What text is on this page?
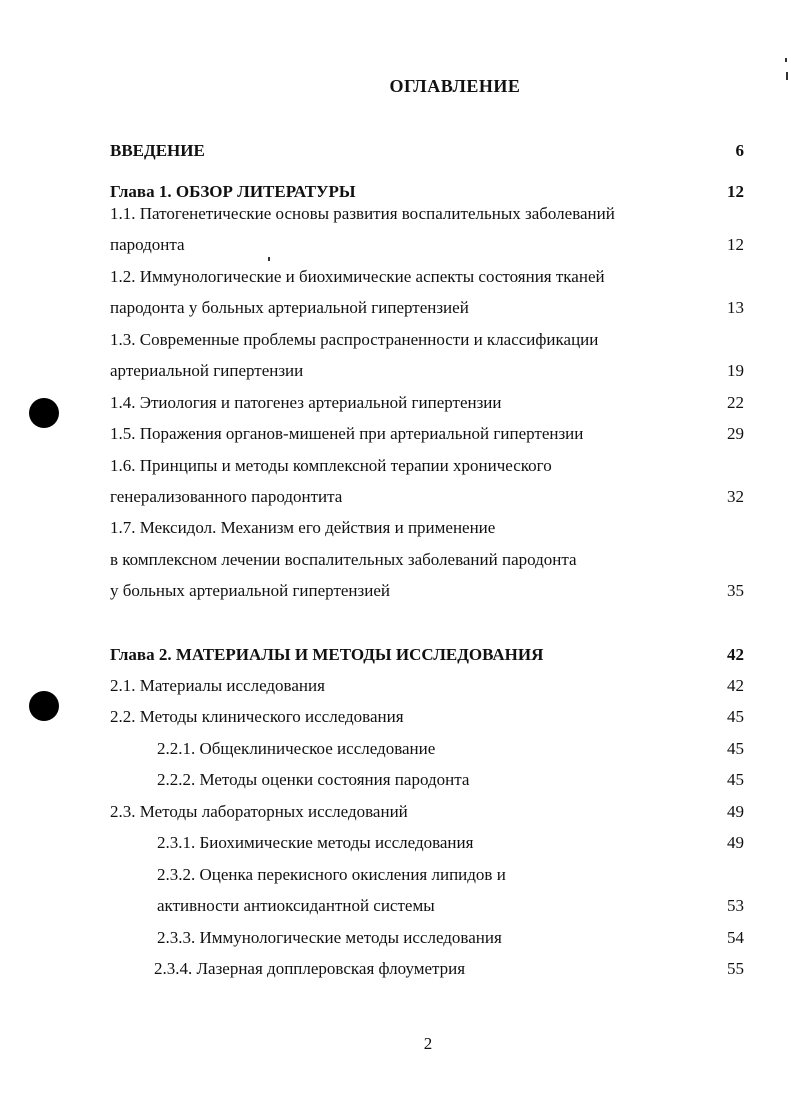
ОГЛАВЛЕНИЕ
ВВЕДЕНИЕ	6
Глава 1. ОБЗОР ЛИТЕРАТУРЫ	12
1.1. Патогенетические основы развития воспалительных заболеваний
пародонта	12
1.2. Иммунологические и биохимические аспекты состояния тканей
пародонта у больных артериальной гипертензией	13
1.3. Современные проблемы распространенности и классификации
артериальной гипертензии	19
1.4. Этиология и патогенез артериальной гипертензии	22
1.5. Поражения органов-мишеней при артериальной гипертензии	29
1.6. Принципы и методы комплексной терапии хронического
генерализованного пародонтита	32
1.7. Мексидол. Механизм его действия и применение
в комплексном лечении воспалительных заболеваний пародонта
у больных артериальной гипертензией	35
Глава 2. МАТЕРИАЛЫ И МЕТОДЫ ИССЛЕДОВАНИЯ	42
2.1. Материалы исследования	42
2.2. Методы клинического исследования	45
2.2.1. Общеклиническое исследование	45
2.2.2. Методы оценки состояния пародонта	45
2.3. Методы лабораторных исследований	49
2.3.1. Биохимические методы исследования	49
2.3.2. Оценка перекисного окисления липидов и
активности антиоксидантной системы	53
2.3.3. Иммунологические методы исследования	54
2.3.4. Лазерная допплеровская флоуметрия	55
2
